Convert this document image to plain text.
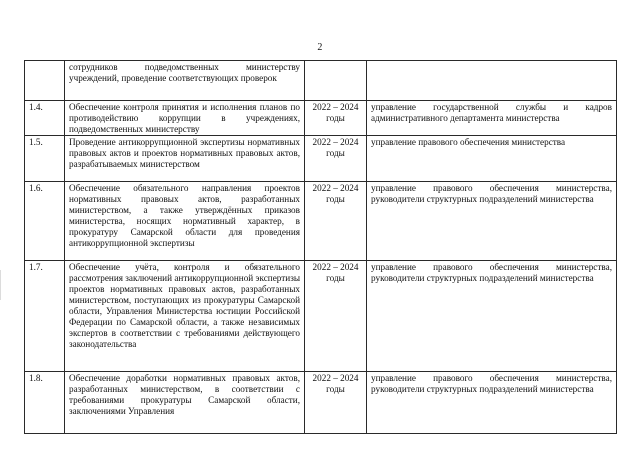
2
	сотрудников подведомственных министерству учреждений, проведение соответствующих проверок		
1.4.	Обеспечение контроля принятия и исполнения планов по противодействию коррупции в учреждениях, подведомственных министерству	2022 – 2024 годы	управление государственной службы и кадров административного департамента министерства
1.5.	Проведение антикоррупционной экспертизы нормативных правовых актов и проектов нормативных правовых актов, разрабатываемых министерством	2022 – 2024 годы	управление правового обеспечения министерства
1.6.	Обеспечение обязательного направления проектов нормативных правовых актов, разработанных министерством, а также утверждённых приказов министерства, носящих нормативный характер, в прокуратуру Самарской области для проведения антикоррупционной экспертизы	2022 – 2024 годы	управление правового обеспечения министерства, руководители структурных подразделений министерства
1.7.	Обеспечение учёта, контроля и обязательного рассмотрения заключений антикоррупционной экспертизы проектов нормативных правовых актов, разработанных министерством, поступающих из прокуратуры Самарской области, Управления Министерства юстиции Российской Федерации по Самарской области, а также независимых экспертов в соответствии с требованиями действующего законодательства	2022 – 2024 годы	управление правового обеспечения министерства, руководители структурных подразделений министерства
1.8.	Обеспечение доработки нормативных правовых актов, разработанных министерством, в соответствии с требованиями прокуратуры Самарской области, заключениями Управления	2022 – 2024 годы	управление правового обеспечения министерства, руководители структурных подразделений министерства
